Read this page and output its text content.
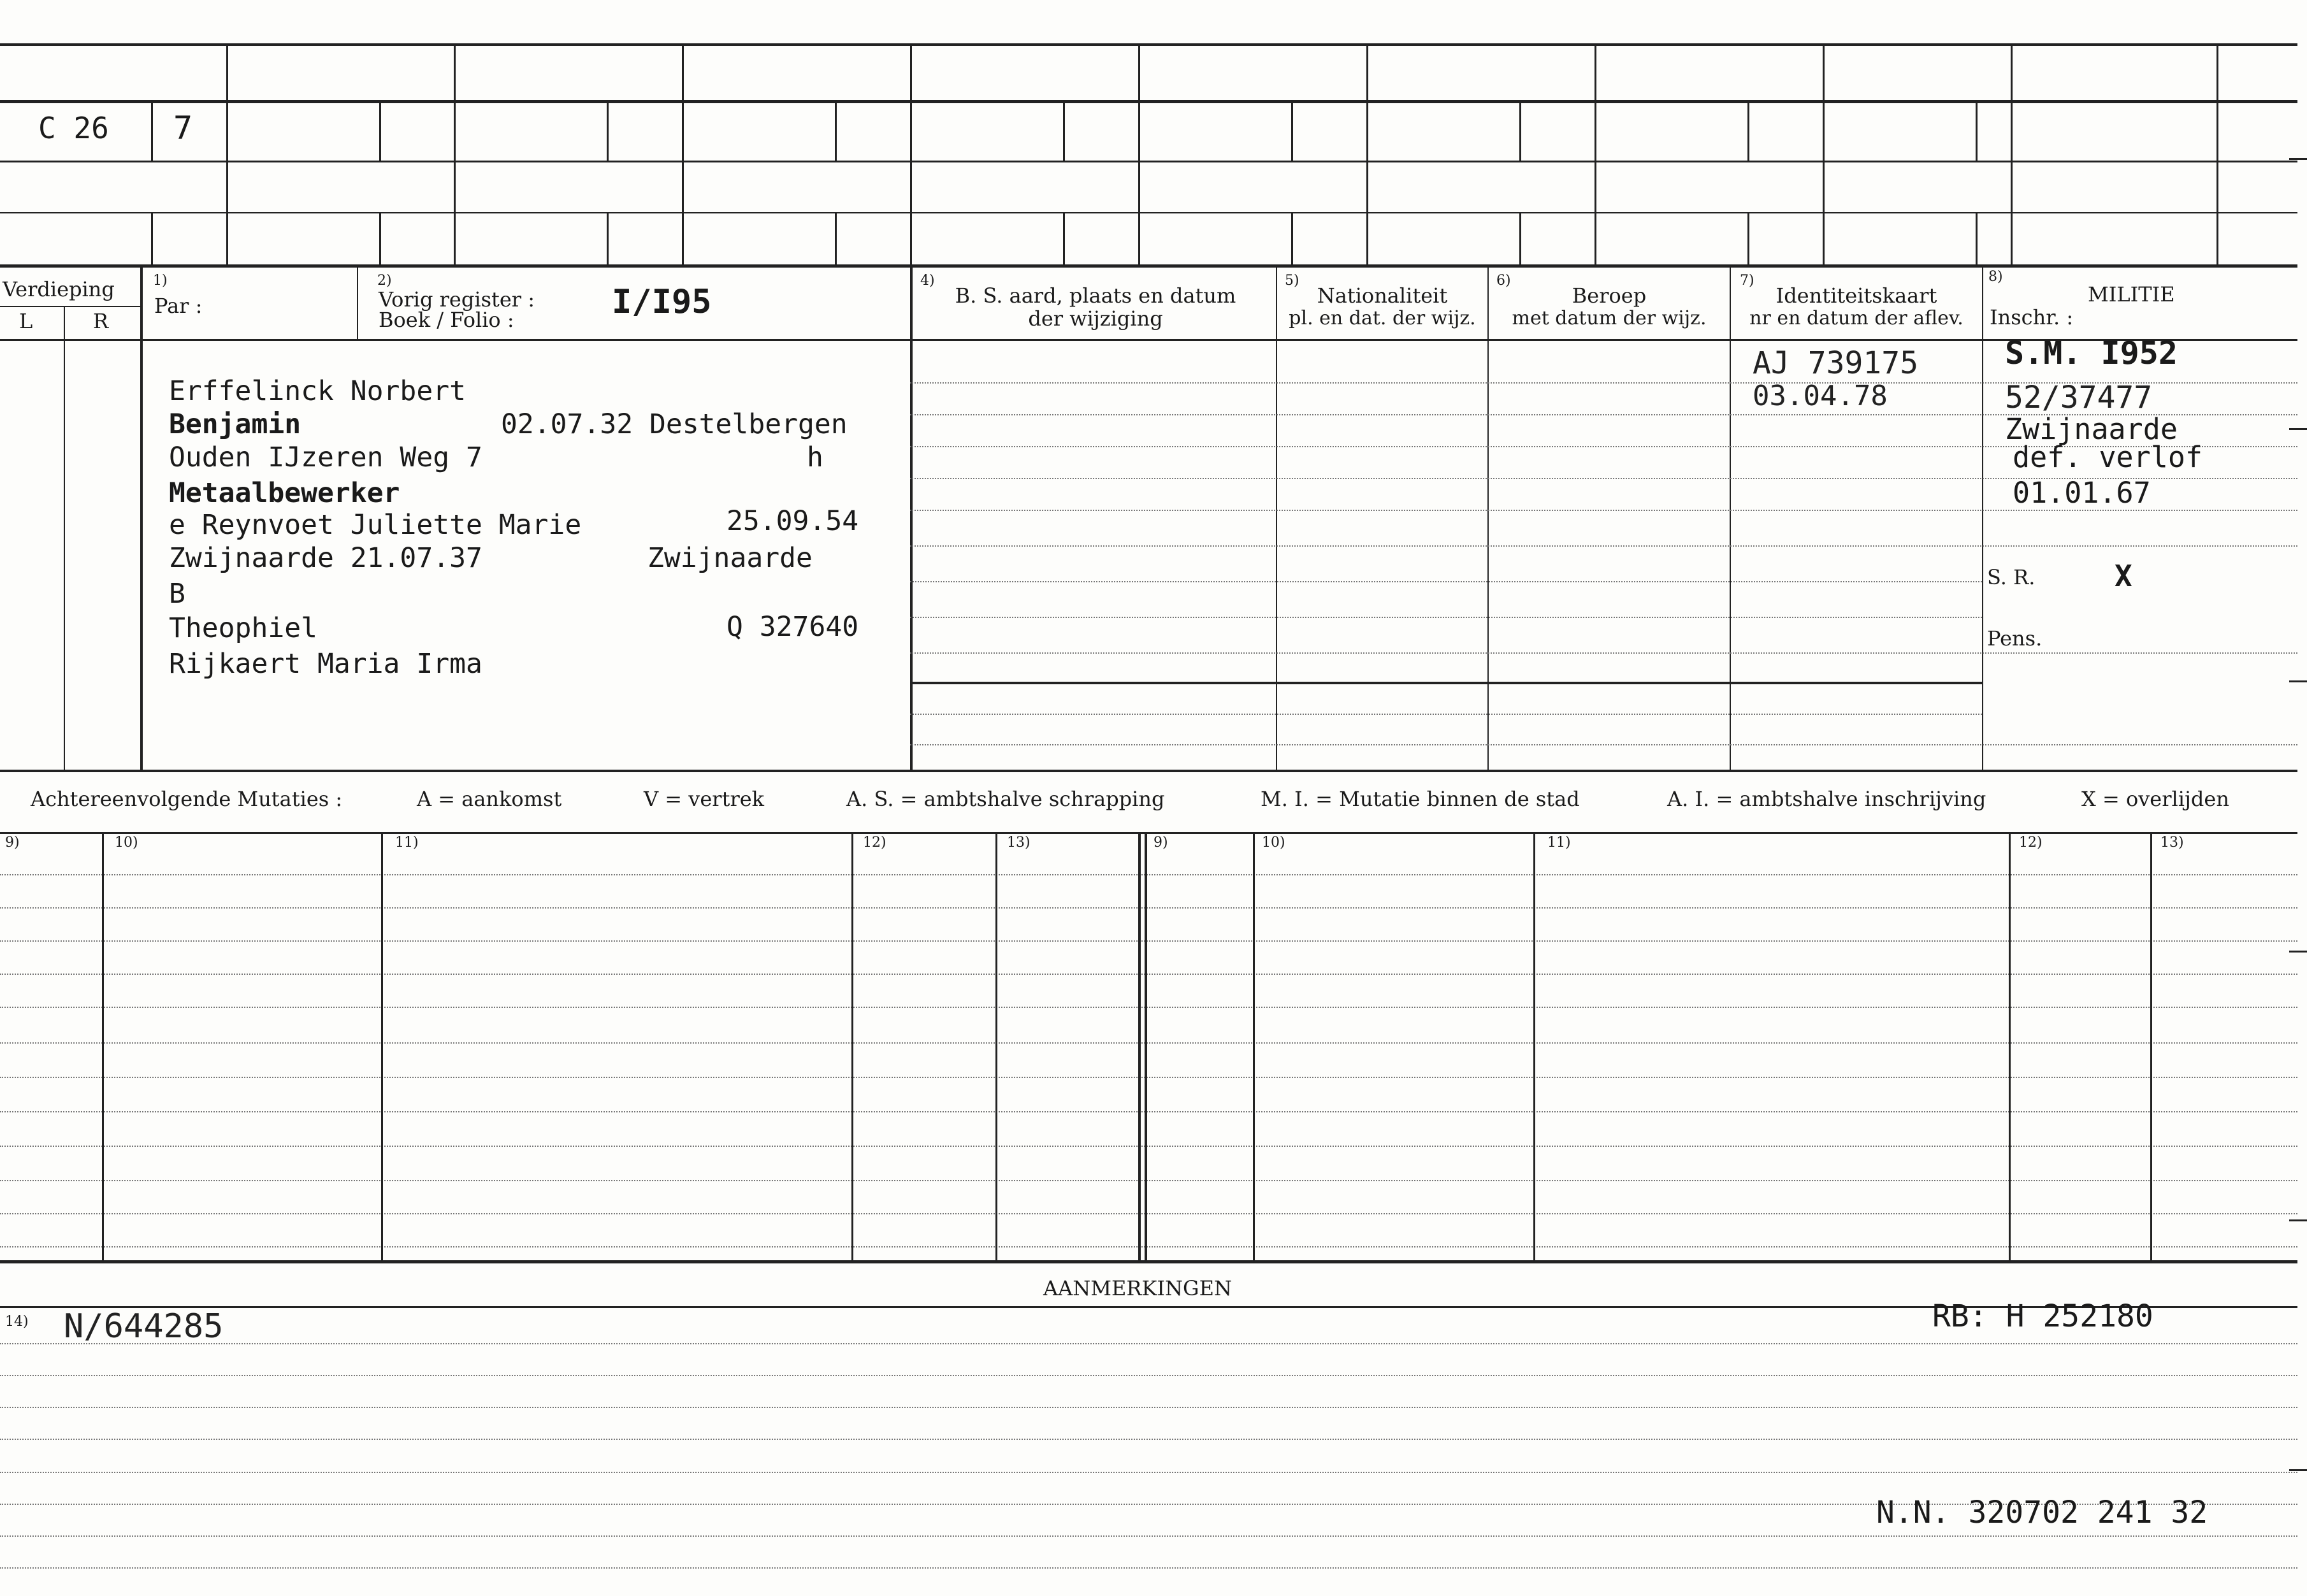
C 26 7
Verdieping
L	R
1)
Par :
2)
Vorig register :
Boek / Folio :	I/I95
4)
B. S. aard, plaats en datum
der wijziging
5)
Nationaliteit
pl. en dat. der wijz.
6)
Beroep
met datum der wijz.
7)
Identiteitskaart
nr en datum der aflev.
8)
MILITIE
Inschr. :
Erffelinck Norbert
Benjamin	02.07.32 Destelbergen
Ouden IJzeren Weg 7	h
Metaalbewerker
e Reynvoet Juliette Marie	25.09.54
Zwijnaarde 21.07.37	Zwijnaarde
B
Theophiel	Q 327640
Rijkaert Maria Irma
AJ 739175
03.04.78
S.M. I952
52/37477
Zwijnaarde
def. verlof
01.01.67
S. R.	X
Pens.
Achtereenvolgende Mutaties :	A = aankomst	V = vertrek	A. S. = ambtshalve schrapping	M. I. = Mutatie binnen de stad	A. I. = ambtshalve inschrijving	X = overlijden
9)	10)	11)	12)	13)	9)	10)	11)	12)	13)
AANMERKINGEN
14) N/644285	RB: H 252180
N.N. 320702 241 32
